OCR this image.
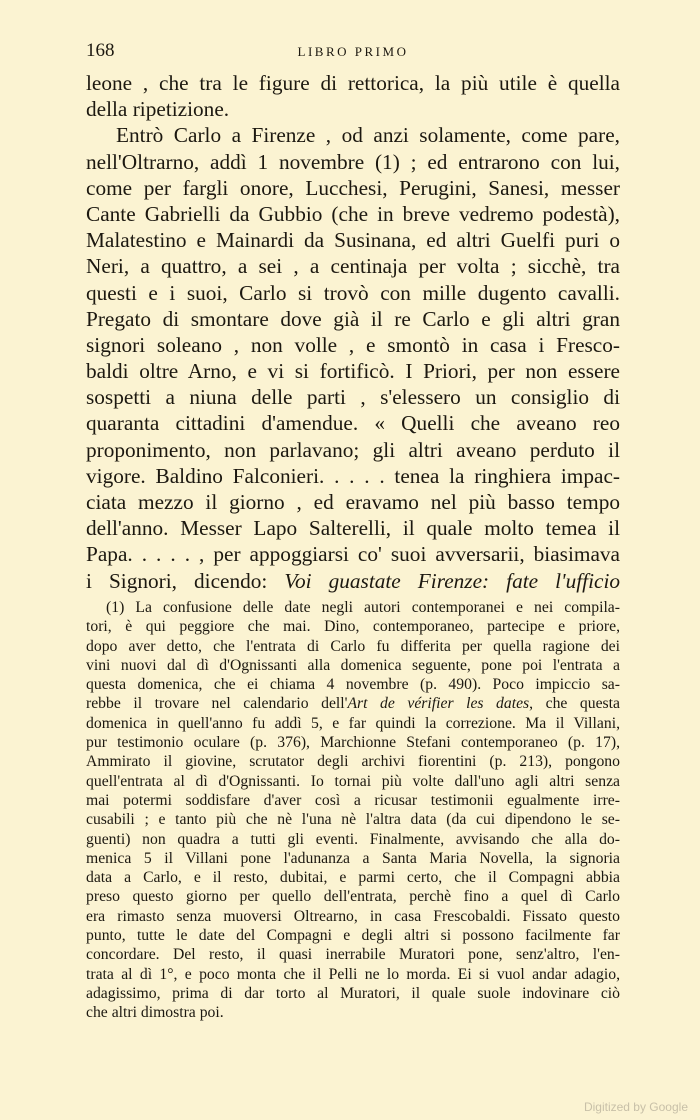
168	LIBRO PRIMO
leone , che tra le figure di rettorica, la più utile è quella
della ripetizione.
Entrò Carlo a Firenze , od anzi solamente, come pare,
nell'Oltrarno, addì 1 novembre (1) ; ed entrarono con lui,
come per fargli onore, Lucchesi, Perugini, Sanesi, messer
Cante Gabrielli da Gubbio (che in breve vedremo podestà),
Malatestino e Mainardi da Susinana, ed altri Guelfi puri o
Neri, a quattro, a sei , a centinaja per volta ; sicchè, tra
questi e i suoi, Carlo si trovò con mille dugento cavalli.
Pregato di smontare dove già il re Carlo e gli altri gran
signori soleano , non volle , e smontò in casa i Fresco-
baldi oltre Arno, e vi si fortificò. I Priori, per non essere
sospetti a niuna delle parti , s'elessero un consiglio di
quaranta cittadini d'amendue. « Quelli che aveano reo
proponimento, non parlavano; gli altri aveano perduto il
vigore. Baldino Falconieri. . . . . tenea la ringhiera impac-
ciata mezzo il giorno , ed eravamo nel più basso tempo
dell'anno. Messer Lapo Salterelli, il quale molto temea il
Papa. . . . . , per appoggiarsi co' suoi avversarii, biasimava
i Signori, dicendo: Voi guastate Firenze: fate l'ufficio
(1) La confusione delle date negli autori contemporanei e nei compila-
tori, è qui peggiore che mai. Dino, contemporaneo, partecipe e priore,
dopo aver detto, che l'entrata di Carlo fu differita per quella ragione dei
vini nuovi dal dì d'Ognissanti alla domenica seguente, pone poi l'entrata a
questa domenica, che ei chiama 4 novembre (p. 490). Poco impiccio sa-
rebbe il trovare nel calendario dell'Art de vérifier les dates, che questa
domenica in quell'anno fu addì 5, e far quindi la correzione. Ma il Villani,
pur testimonio oculare (p. 376), Marchionne Stefani contemporaneo (p. 17),
Ammirato il giovine, scrutator degli archivi fiorentini (p. 213), pongono
quell'entrata al dì d'Ognissanti. Io tornai più volte dall'uno agli altri senza
mai potermi soddisfare d'aver così a ricusar testimonii egualmente irre-
cusabili ; e tanto più che nè l'una nè l'altra data (da cui dipendono le se-
guenti) non quadra a tutti gli eventi. Finalmente, avvisando che alla do-
menica 5 il Villani pone l'adunanza a Santa Maria Novella, la signoria
data a Carlo, e il resto, dubitai, e parmi certo, che il Compagni abbia
preso questo giorno per quello dell'entrata, perchè fino a quel dì Carlo
era rimasto senza muoversi Oltrearno, in casa Frescobaldi. Fissato questo
punto, tutte le date del Compagni e degli altri si possono facilmente far
concordare. Del resto, il quasi inerrabile Muratori pone, senz'altro, l'en-
trata al dì 1°, e poco monta che il Pelli ne lo morda. Ei si vuol andar adagio,
adagissimo, prima di dar torto al Muratori, il quale suole indovinare ciò
che altri dimostra poi.
Digitized by Google
